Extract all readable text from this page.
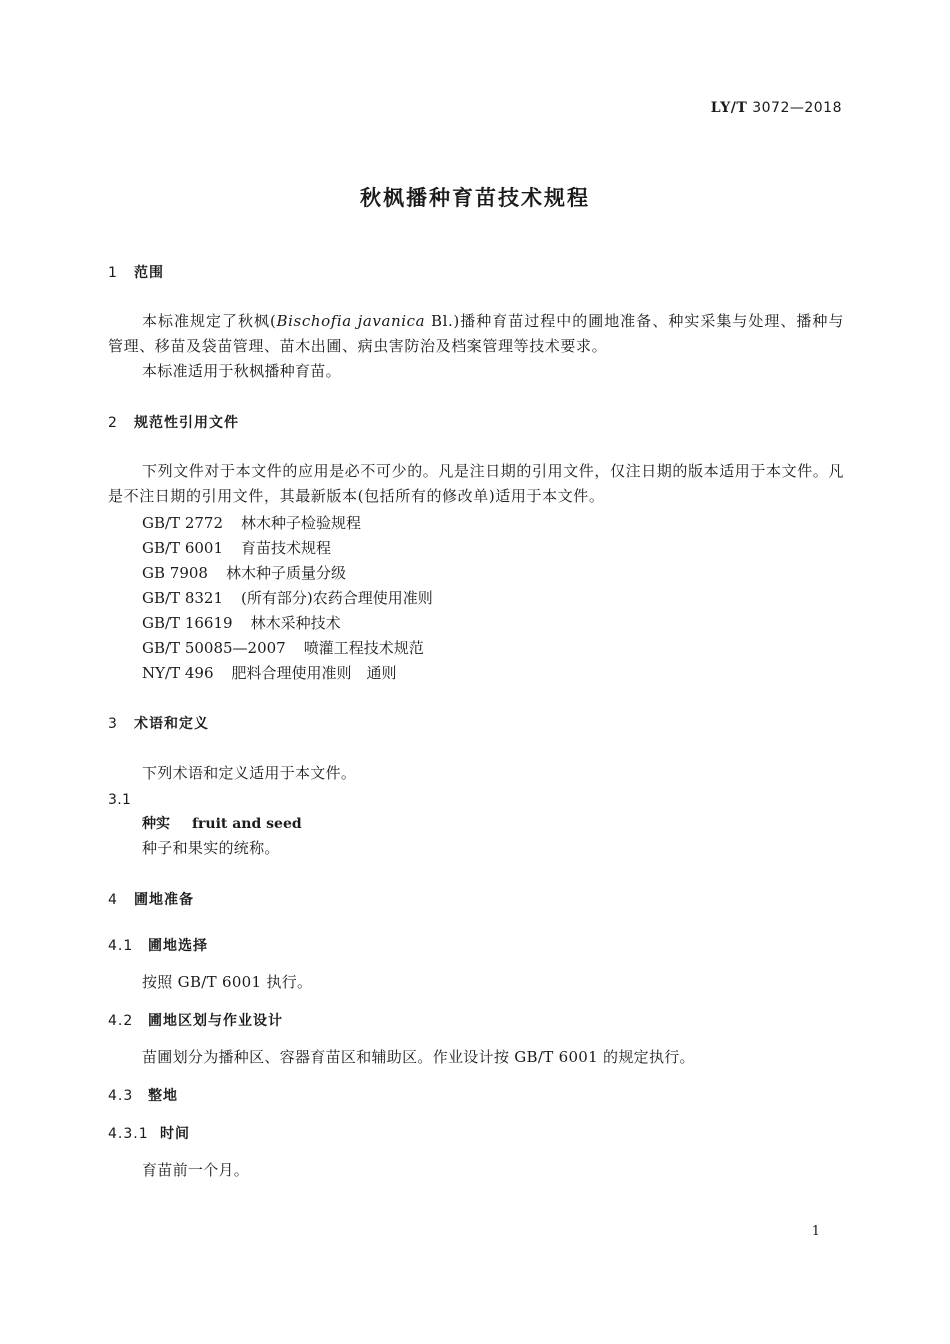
LY/T 3072—2018
秋枫播种育苗技术规程
1 范围
本标准规定了秋枫(Bischofia javanica Bl.)播种育苗过程中的圃地准备、种实采集与处理、播种与管理、移苗及袋苗管理、苗木出圃、病虫害防治及档案管理等技术要求。
本标准适用于秋枫播种育苗。
2 规范性引用文件
下列文件对于本文件的应用是必不可少的。凡是注日期的引用文件，仅注日期的版本适用于本文件。凡是不注日期的引用文件，其最新版本(包括所有的修改单)适用于本文件。
GB/T 2772 林木种子检验规程
GB/T 6001 育苗技术规程
GB 7908 林木种子质量分级
GB/T 8321 (所有部分)农药合理使用准则
GB/T 16619 林木采种技术
GB/T 50085—2007 喷灌工程技术规范
NY/T 496 肥料合理使用准则　通则
3 术语和定义
下列术语和定义适用于本文件。
3.1
种实 fruit and seed
种子和果实的统称。
4 圃地准备
4.1 圃地选择
按照 GB/T 6001 执行。
4.2 圃地区划与作业设计
苗圃划分为播种区、容器育苗区和辅助区。作业设计按 GB/T 6001 的规定执行。
4.3 整地
4.3.1 时间
育苗前一个月。
1
